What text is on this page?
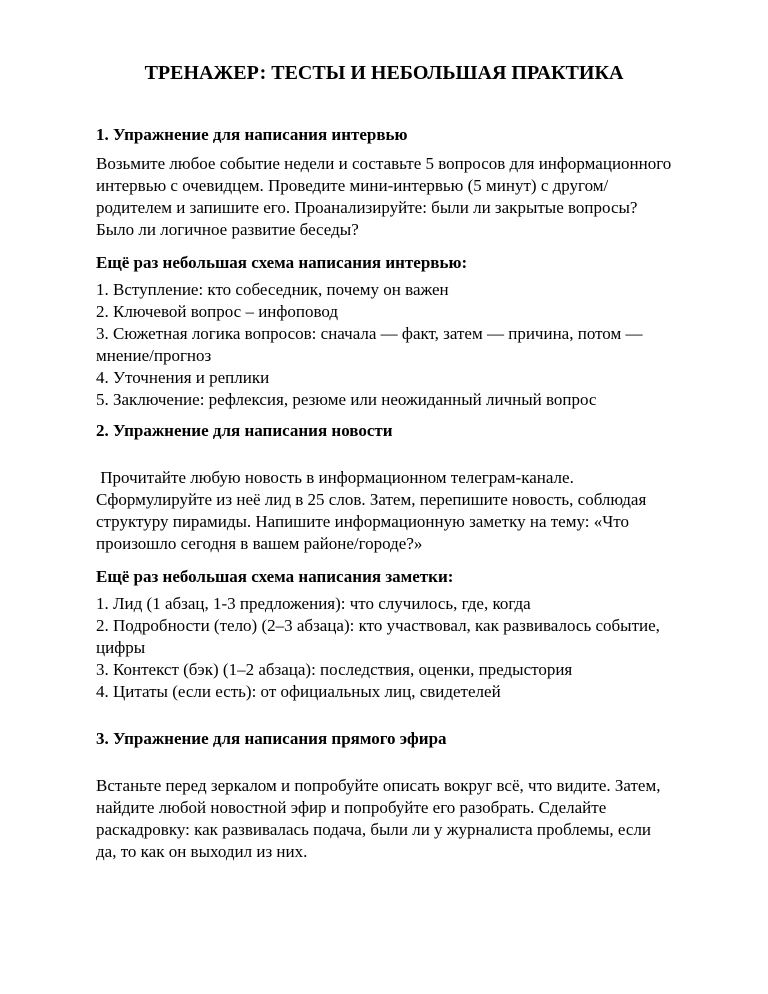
ТРЕНАЖЕР: ТЕСТЫ И НЕБОЛЬШАЯ ПРАКТИКА
1. Упражнение для написания интервью

Возьмите любое событие недели и составьте 5 вопросов для информационного интервью с очевидцем. Проведите мини-интервью (5 минут) с другом/родителем и запишите его. Проанализируйте: были ли закрытые вопросы? Было ли логичное развитие беседы?

Ещё раз небольшая схема написания интервью:
1. Вступление: кто собеседник, почему он важен
2. Ключевой вопрос – инфоповод
3. Сюжетная логика вопросов: сначала — факт, затем — причина, потом — мнение/прогноз
4. Уточнения и реплики
5. Заключение: рефлексия, резюме или неожиданный личный вопрос
2. Упражнение для написания новости

Прочитайте любую новость в информационном телеграм-канале. Сформулируйте из неё лид в 25 слов. Затем, перепишите новость, соблюдая структуру пирамиды. Напишите информационную заметку на тему: «Что произошло сегодня в вашем районе/городе?»

Ещё раз небольшая схема написания заметки:
1. Лид (1 абзац, 1-3 предложения): что случилось, где, когда
2. Подробности (тело) (2–3 абзаца): кто участвовал, как развивалось событие, цифры
3. Контекст (бэк) (1–2 абзаца): последствия, оценки, предыстория
4. Цитаты (если есть): от официальных лиц, свидетелей
3. Упражнение для написания прямого эфира

Встаньте перед зеркалом и попробуйте описать вокруг всё, что видите. Затем, найдите любой новостной эфир и попробуйте его разобрать. Сделайте раскадровку: как развивалась подача, были ли у журналиста проблемы, если да, то как он выходил из них.
